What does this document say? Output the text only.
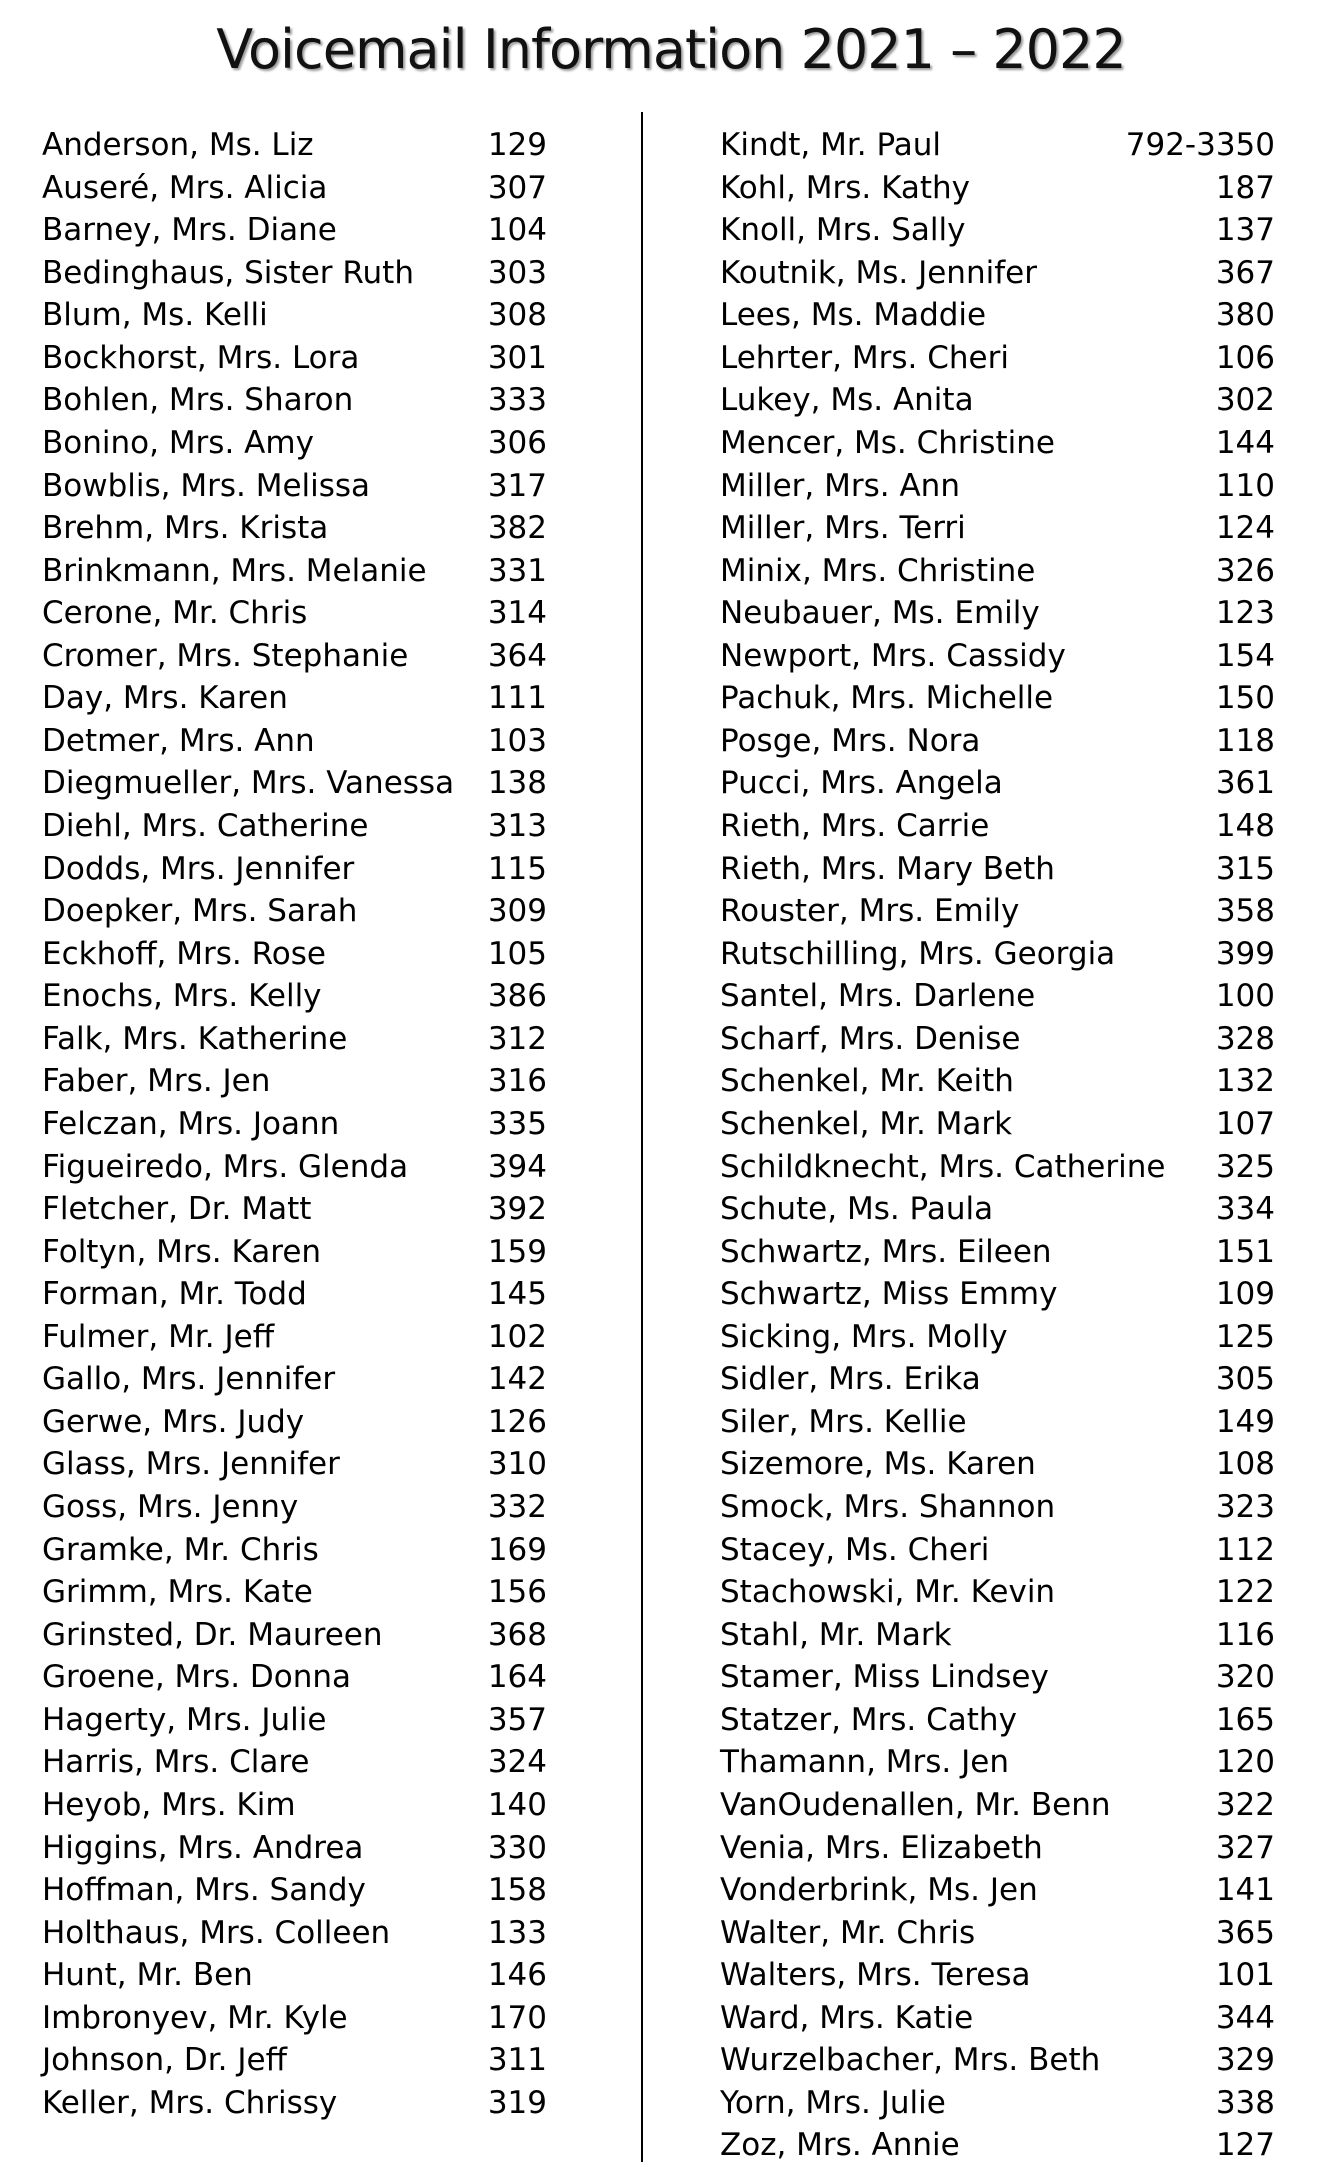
Voicemail Information 2021 – 2022
Anderson, Ms. Liz	129
Auseré, Mrs. Alicia	307
Barney, Mrs. Diane	104
Bedinghaus, Sister Ruth 303
Blum, Ms. Kelli	308
Bockhorst, Mrs. Lora	301
Bohlen, Mrs. Sharon	333
Bonino, Mrs. Amy	306
Bowblis, Mrs. Melissa	317
Brehm, Mrs. Krista	382
Brinkmann, Mrs. Melanie 331
Cerone, Mr. Chris	314
Cromer, Mrs. Stephanie	364
Day, Mrs. Karen	111
Detmer, Mrs. Ann	103
Diegmueller, Mrs. Vanessa 138
Diehl, Mrs. Catherine	313
Dodds, Mrs. Jennifer	115
Doepker, Mrs. Sarah	309
Eckhoff, Mrs. Rose	105
Enochs, Mrs. Kelly	386
Falk, Mrs. Katherine	312
Faber, Mrs. Jen	316
Felczan, Mrs. Joann	335
Figueiredo, Mrs. Glenda	394
Fletcher, Dr. Matt	392
Foltyn, Mrs. Karen	159
Forman, Mr. Todd	145
Fulmer, Mr. Jeff	102
Gallo, Mrs. Jennifer	142
Gerwe, Mrs. Judy	126
Glass, Mrs. Jennifer	310
Goss, Mrs. Jenny	332
Gramke, Mr. Chris	169
Grimm, Mrs. Kate	156
Grinsted, Dr. Maureen	368
Groene, Mrs. Donna	164
Hagerty, Mrs. Julie	357
Harris, Mrs. Clare	324
Heyob, Mrs. Kim	140
Higgins, Mrs. Andrea	330
Hoffman, Mrs. Sandy	158
Holthaus, Mrs. Colleen	133
Hunt, Mr. Ben	146
Imbronyev, Mr. Kyle	170
Johnson, Dr. Jeff	311
Keller, Mrs. Chrissy	319
Kindt, Mr. Paul	792-3350
Kohl, Mrs. Kathy	187
Knoll, Mrs. Sally	137
Koutnik, Ms. Jennifer	367
Lees, Ms. Maddie	380
Lehrter, Mrs. Cheri	106
Lukey, Ms. Anita	302
Mencer, Ms. Christine	144
Miller, Mrs. Ann	110
Miller, Mrs. Terri	124
Minix, Mrs. Christine	326
Neubauer, Ms. Emily	123
Newport, Mrs. Cassidy	154
Pachuk, Mrs. Michelle	150
Posge, Mrs. Nora	118
Pucci, Mrs. Angela	361
Rieth, Mrs. Carrie	148
Rieth, Mrs. Mary Beth	315
Rouster, Mrs. Emily	358
Rutschilling, Mrs. Georgia	399
Santel, Mrs. Darlene	100
Scharf, Mrs. Denise	328
Schenkel, Mr. Keith	132
Schenkel, Mr. Mark	107
Schildknecht, Mrs. Catherine 325
Schute, Ms. Paula	334
Schwartz, Mrs. Eileen	151
Schwartz, Miss Emmy	109
Sicking, Mrs. Molly	125
Sidler, Mrs. Erika	305
Siler, Mrs. Kellie	149
Sizemore, Ms. Karen	108
Smock, Mrs. Shannon	323
Stacey, Ms. Cheri	112
Stachowski, Mr. Kevin	122
Stahl, Mr. Mark	116
Stamer, Miss Lindsey	320
Statzer, Mrs. Cathy	165
Thamann, Mrs. Jen	120
VanOudenallen, Mr. Benn	322
Venia, Mrs. Elizabeth	327
Vonderbrink, Ms. Jen	141
Walter, Mr. Chris	365
Walters, Mrs. Teresa	101
Ward, Mrs. Katie	344
Wurzelbacher, Mrs. Beth	329
Yorn, Mrs. Julie	338
Zoz, Mrs. Annie	127
